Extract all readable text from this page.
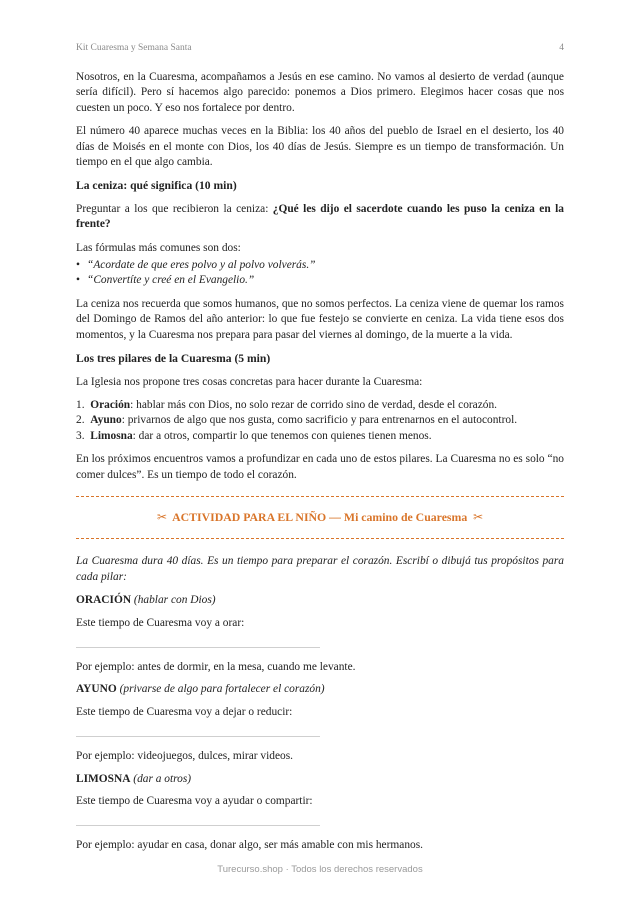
Kit Cuaresma y Semana Santa	4

Nosotros, en la Cuaresma, acompañamos a Jesús en ese camino. No vamos al desierto de verdad (aunque sería difícil). Pero sí hacemos algo parecido: ponemos a Dios primero. Elegimos hacer cosas que nos cuesten un poco. Y eso nos fortalece por dentro.

El número 40 aparece muchas veces en la Biblia: los 40 años del pueblo de Israel en el desierto, los 40 días de Moisés en el monte con Dios, los 40 días de Jesús. Siempre es un tiempo de transformación. Un tiempo en el que algo cambia.

La ceniza: qué significa (10 min)

Preguntar a los que recibieron la ceniza: ¿Qué les dijo el sacerdote cuando les puso la ceniza en la frente?

Las fórmulas más comunes son dos:

• “Acordate de que eres polvo y al polvo volverás.”
• “Convertíte y creé en el Evangelio.”

La ceniza nos recuerda que somos humanos, que no somos perfectos. La ceniza viene de quemar los ramos del Domingo de Ramos del año anterior: lo que fue festejo se convierte en ceniza. La vida tiene esos dos momentos, y la Cuaresma nos prepara para pasar del viernes al domingo, de la muerte a la vida.

Los tres pilares de la Cuaresma (5 min)

La Iglesia nos propone tres cosas concretas para hacer durante la Cuaresma:

1. Oración: hablar más con Dios, no solo rezar de corrido sino de verdad, desde el corazón.
2. Ayuno: privarnos de algo que nos gusta, como sacrificio y para entrenarnos en el autocontrol.
3. Limosna: dar a otros, compartir lo que tenemos con quienes tienen menos.

En los próximos encuentros vamos a profundizar en cada uno de estos pilares. La Cuaresma no es solo “no comer dulces”. Es un tiempo de todo el corazón.

✂ ACTIVIDAD PARA EL NIÑO — Mi camino de Cuaresma ✂

La Cuaresma dura 40 días. Es un tiempo para preparar el corazón. Escribí o dibujá tus propósitos para cada pilar:

ORACIÓN (hablar con Dios)
Este tiempo de Cuaresma voy a orar:
Por ejemplo: antes de dormir, en la mesa, cuando me levante.
AYUNO (privarse de algo para fortalecer el corazón)
Este tiempo de Cuaresma voy a dejar o reducir:
Por ejemplo: videojuegos, dulces, mirar videos.
LIMOSNA (dar a otros)
Este tiempo de Cuaresma voy a ayudar o compartir:
Por ejemplo: ayudar en casa, donar algo, ser más amable con mis hermanos.
Turecurso.shop · Todos los derechos reservados
